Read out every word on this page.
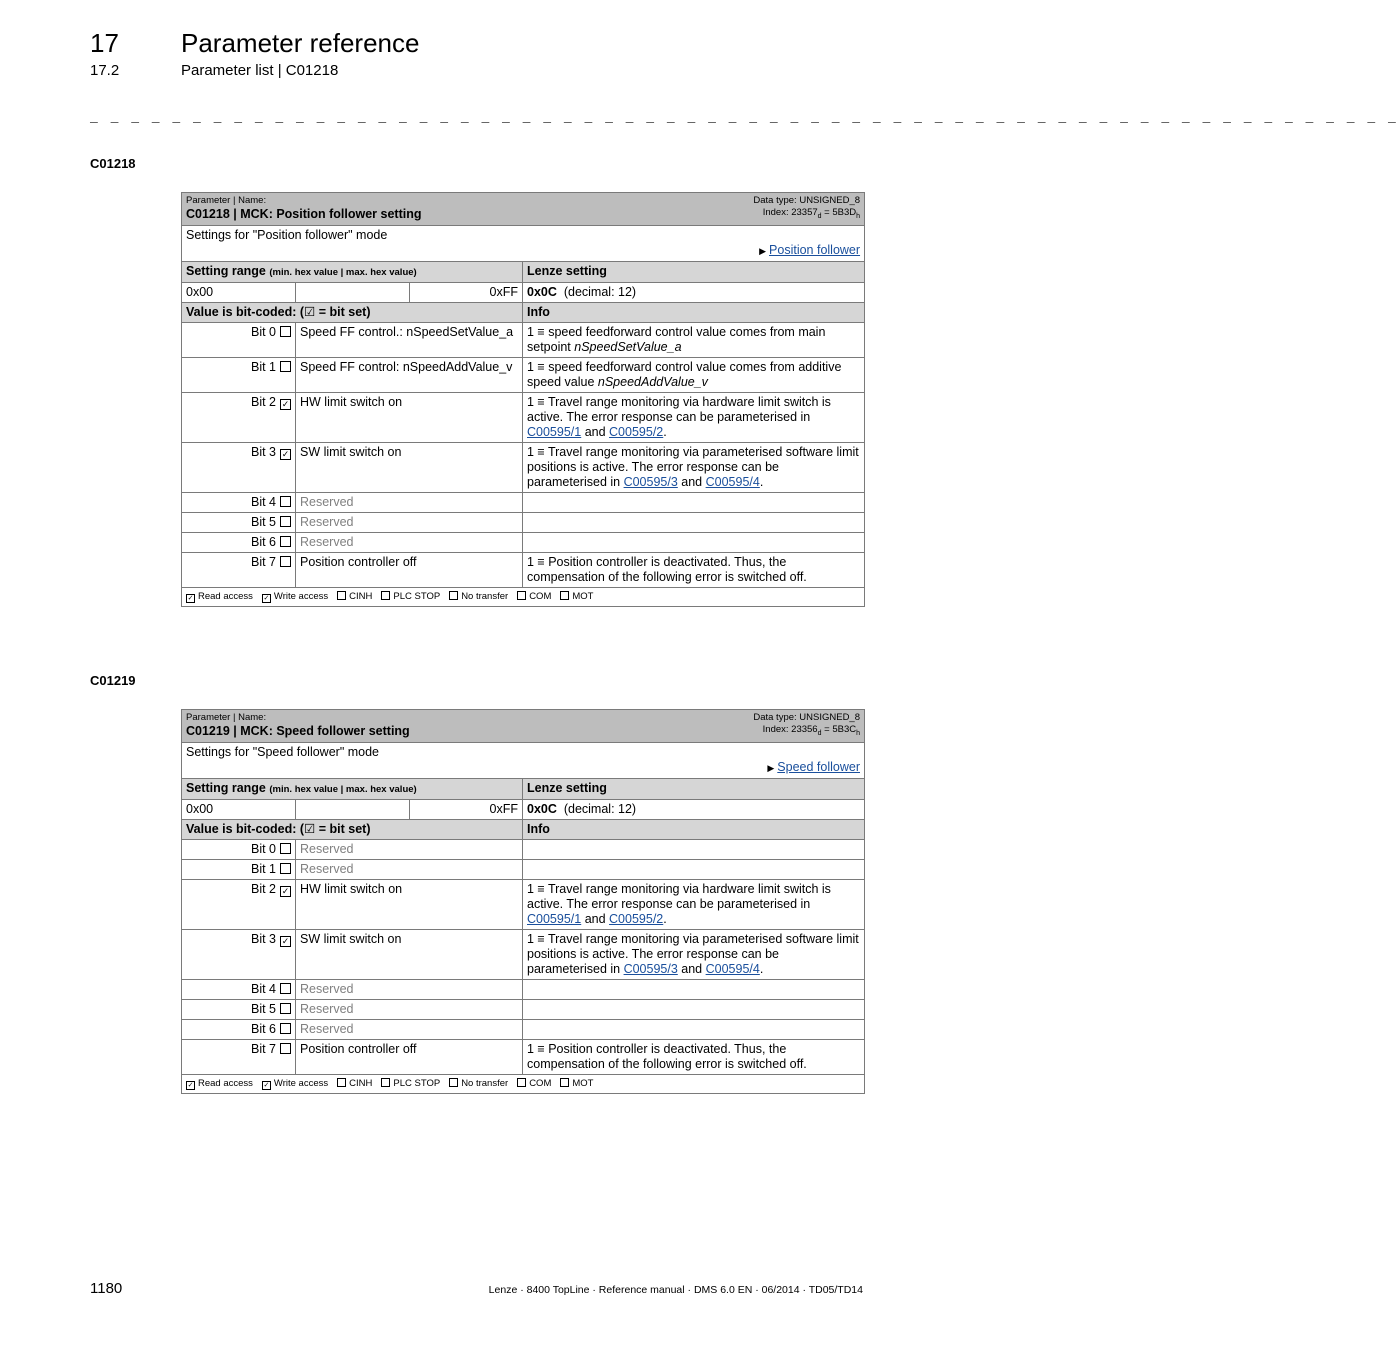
17 Parameter reference
17.2	Parameter list | C01218
_ _ _ _ _ _ _ _ _ _ _ _ _ _ _ _ _ _ _ _ _ _ _ _ _ _ _ _ _ _ _ _ _ _ _ _ _ _ _ _ _ _ _ _ _ _ _ _ _ _ _ _ _ _ _ _ _ _ _ _ _ _ _ _
C01218
Data type: UNSIGNED_8
Index: $23357_d = 5B3D_h$
Parameter | Name:
C01218 | MCK: Position follower setting			

Settings for "Position follower" mode
▶ Position follower			

Setting range (min. hex value | max. hex value)			Lenze setting
0x00		0xFF	0x0C (decimal: 12)
Value is bit-coded: (☑ = bit set)			Info
Bit 0	Speed FF control.: nSpeedSetValue_a		1 ≡ speed feedforward control value comes from main setpoint nSpeedSetValue_a
Bit 1	Speed FF control: nSpeedAddValue_v		1 ≡ speed feedforward control value comes from additive speed value nSpeedAddValue_v
Bit 2 ✓	HW limit switch on		1 ≡ Travel range monitoring via hardware limit switch is active. The error response can be parameterised in C00595/1 and C00595/2.
Bit 3 ✓	SW limit switch on		1 ≡ Travel range monitoring via parameterised software limit positions is active. The error response can be parameterised in C00595/3 and C00595/4.
Bit 4	Reserved		
Bit 5	Reserved		
Bit 6	Reserved		
Bit 7	Position controller off		1 ≡ Position controller is deactivated. Thus, the compensation of the following error is switched off.
✓ Read access ✓ Write access CINH PLC STOP No transfer COM MOT			
C01219
Data type: UNSIGNED_8
Index: $23356_d = 5B3C_h$
Parameter | Name:
C01219 | MCK: Speed follower setting			

Settings for "Speed follower" mode
▶ Speed follower			

Setting range (min. hex value | max. hex value)			Lenze setting
0x00		0xFF	0x0C (decimal: 12)
Value is bit-coded: (☑ = bit set)			Info
Bit 0	Reserved		
Bit 1	Reserved		
Bit 2 ✓	HW limit switch on		1 ≡ Travel range monitoring via hardware limit switch is active. The error response can be parameterised in C00595/1 and C00595/2.
Bit 3 ✓	SW limit switch on		1 ≡ Travel range monitoring via parameterised software limit positions is active. The error response can be parameterised in C00595/3 and C00595/4.
Bit 4	Reserved		
Bit 5	Reserved		
Bit 6	Reserved		
Bit 7	Position controller off		1 ≡ Position controller is deactivated. Thus, the compensation of the following error is switched off.
✓ Read access ✓ Write access CINH PLC STOP No transfer COM MOT			
1180	Lenze · 8400 TopLine · Reference manual · DMS 6.0 EN · 06/2014 · TD05/TD14
